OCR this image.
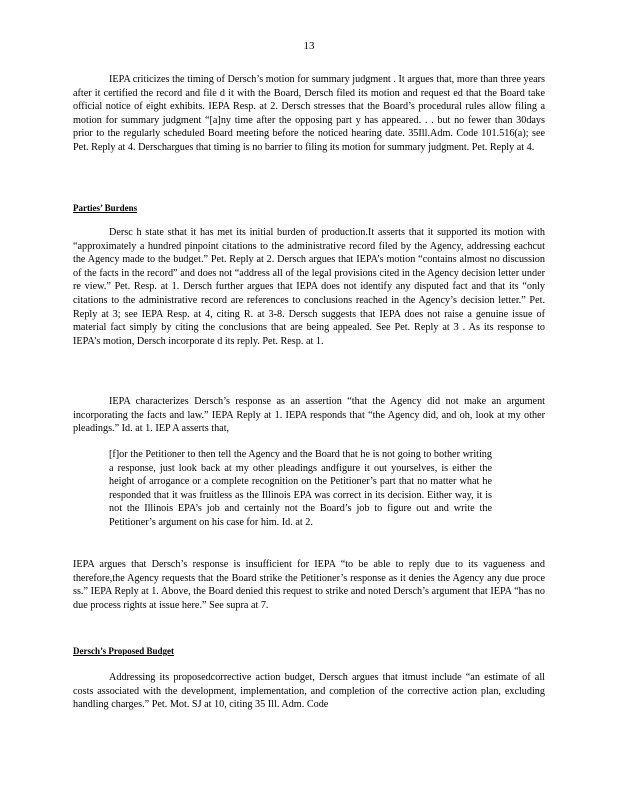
13
IEPA criticizes the timing of Dersch’s motion for summary judgment . It argues that, more than three years after it certified the record and file d it with the Board, Dersch filed its motion and request ed that the Board take official notice of eight exhibits. IEPA Resp. at 2. Dersch stresses that the Board’s procedural rules allow filing a motion for summary judgment “[a]ny time after the opposing part y has appeared. . . but no fewer than 30days prior to the regularly scheduled Board meeting before the noticed hearing date. 35Ill.Adm. Code 101.516(a); see Pet. Reply at 4. Derschargues that timing is no barrier to filing its motion for summary judgment. Pet. Reply at 4.
Parties’ Burdens
Dersc h state sthat it has met its initial burden of production.It asserts that it supported its motion with “approximately a hundred pinpoint citations to the administrative record filed by the Agency, addressing eachcut the Agency made to the budget.” Pet. Reply at 2. Dersch argues that IEPA’s motion “contains almost no discussion of the facts in the record” and does not “address all of the legal provisions cited in the Agency decision letter under re view.” Pet. Resp. at 1. Dersch further argues that IEPA does not identify any disputed fact and that its “only citations to the administrative record are references to conclusions reached in the Agency’s decision letter.” Pet. Reply at 3; see IEPA Resp. at 4, citing R. at 3-8. Dersch suggests that IEPA does not raise a genuine issue of material fact simply by citing the conclusions that are being appealed. See Pet. Reply at 3 . As its response to IEPA’s motion, Dersch incorporate d its reply. Pet. Resp. at 1.
IEPA characterizes Dersch’s response as an assertion “that the Agency did not make an argument incorporating the facts and law.” IEPA Reply at 1. IEPA responds that “the Agency did, and oh, look at my other pleadings.” Id. at 1. IEP A asserts that,
[f]or the Petitioner to then tell the Agency and the Board that he is not going to bother writing a response, just look back at my other pleadings andfigure it out yourselves, is either the height of arrogance or a complete recognition on the Petitioner’s part that no matter what he responded that it was fruitless as the Illinois EPA was correct in its decision. Either way, it is not the Illinois EPA’s job and certainly not the Board’s job to figure out and write the Petitioner’s argument on his case for him. Id. at 2.
IEPA argues that Dersch’s response is insufficient for IEPA “to be able to reply due to its vagueness and therefore,the Agency requests that the Board strike the Petitioner’s response as it denies the Agency any due proce ss.” IEPA Reply at 1. Above, the Board denied this request to strike and noted Dersch’s argument that IEPA “has no due process rights at issue here.” See supra at 7.
Dersch’s Proposed Budget
Addressing its proposedcorrective action budget, Dersch argues that itmust include “an estimate of all costs associated with the development, implementation, and completion of the corrective action plan, excluding handling charges.” Pet. Mot. SJ at 10, citing 35 Ill. Adm. Code
